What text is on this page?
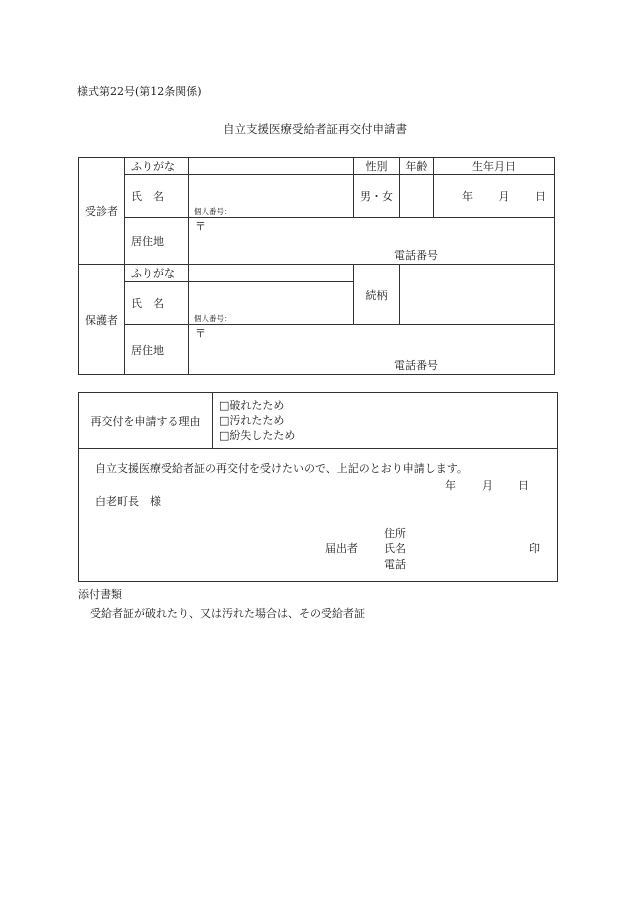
様式第22号(第12条関係)
自立支援医療受給者証再交付申請書
受診者	ふりがな		性別	年齢	生年月日
	氏　名	個人番号：	男・女		年 月 日

	居住地	〒
電話番号			

保護者	ふりがな		続柄		
	氏　名	個人番号：			

	居住地	〒
電話番号			

再交付を申請する理由	
□破れたため
□汚れたため
□紛失したため

自立支援医療受給者証の再交付を受けたいので、上記のとおり申請します。
年 月 日
白老町長　様
住所
届出者 氏名	印
電話
添付書類
受給者証が破れたり、又は汚れた場合は、その受給者証
